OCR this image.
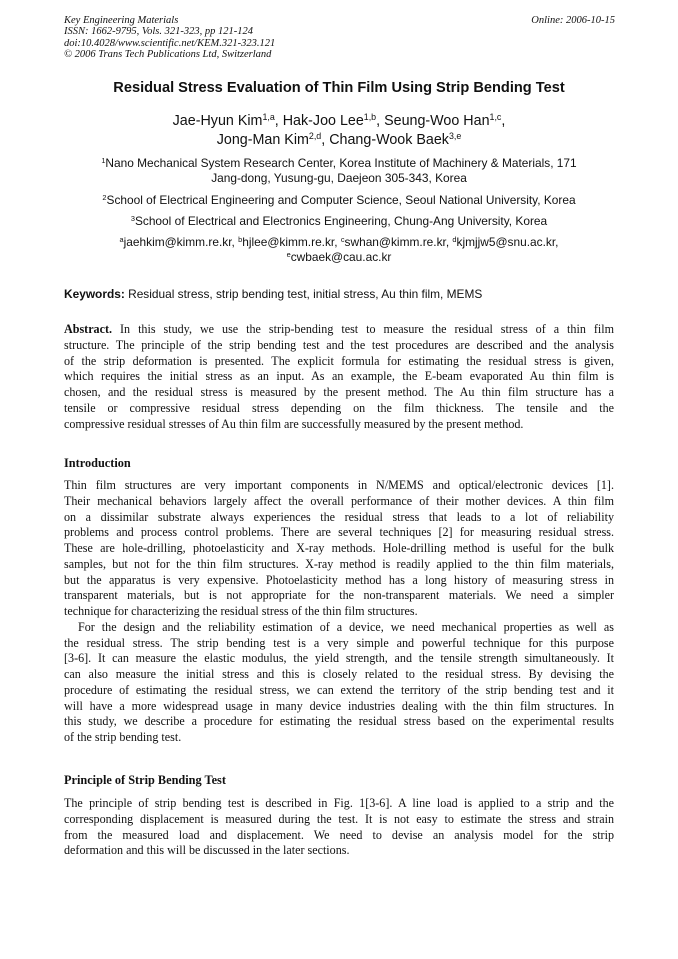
Key Engineering Materials
ISSN: 1662-9795, Vols. 321-323, pp 121-124
doi:10.4028/www.scientific.net/KEM.321-323.121
© 2006 Trans Tech Publications Ltd, Switzerland
Online: 2006-10-15
Residual Stress Evaluation of Thin Film Using Strip Bending Test
Jae-Hyun Kim$^{1,a}$, Hak-Joo Lee$^{1,b}$, Seung-Woo Han$^{1,c}$,
Jong-Man Kim$^{2,d}$, Chang-Wook Baek$^{3,e}$
$^1$Nano Mechanical System Research Center, Korea Institute of Machinery & Materials, 171
Jang-dong, Yusung-gu, Daejeon 305-343, Korea
$^2$School of Electrical Engineering and Computer Science, Seoul National University, Korea
$^3$School of Electrical and Electronics Engineering, Chung-Ang University, Korea
$^a$jaehkim@kimm.re.kr, $^b$hjlee@kimm.re.kr, $^c$swhan@kimm.re.kr, $^d$kjmjjw5@snu.ac.kr,
$^e$cwbaek@cau.ac.kr
Keywords: Residual stress, strip bending test, initial stress, Au thin film, MEMS
Abstract. In this study, we use the strip-bending test to measure the residual stress of a thin film
structure. The principle of the strip bending test and the test procedures are described and the analysis
of the strip deformation is presented. The explicit formula for estimating the residual stress is given,
which requires the initial stress as an input. As an example, the E-beam evaporated Au thin film is
chosen, and the residual stress is measured by the present method. The Au thin film structure has a
tensile or compressive residual stress depending on the film thickness. The tensile and the
compressive residual stresses of Au thin film are successfully measured by the present method.
Introduction
Thin film structures are very important components in N/MEMS and optical/electronic devices [1].
Their mechanical behaviors largely affect the overall performance of their mother devices. A thin film
on a dissimilar substrate always experiences the residual stress that leads to a lot of reliability
problems and process control problems. There are several techniques [2] for measuring residual stress.
These are hole-drilling, photoelasticity and X-ray methods. Hole-drilling method is useful for the bulk
samples, but not for the thin film structures. X-ray method is readily applied to the thin film materials,
but the apparatus is very expensive. Photoelasticity method has a long history of measuring stress in
transparent materials, but is not appropriate for the non-transparent materials. We need a simpler
technique for characterizing the residual stress of the thin film structures.
For the design and the reliability estimation of a device, we need mechanical properties as well as
the residual stress. The strip bending test is a very simple and powerful technique for this purpose
[3-6]. It can measure the elastic modulus, the yield strength, and the tensile strength simultaneously. It
can also measure the initial stress and this is closely related to the residual stress. By devising the
procedure of estimating the residual stress, we can extend the territory of the strip bending test and it
will have a more widespread usage in many device industries dealing with the thin film structures. In
this study, we describe a procedure for estimating the residual stress based on the experimental results
of the strip bending test.
Principle of Strip Bending Test
The principle of strip bending test is described in Fig. 1[3-6]. A line load is applied to a strip and the
corresponding displacement is measured during the test. It is not easy to estimate the stress and strain
from the measured load and displacement. We need to devise an analysis model for the strip
deformation and this will be discussed in the later sections.
